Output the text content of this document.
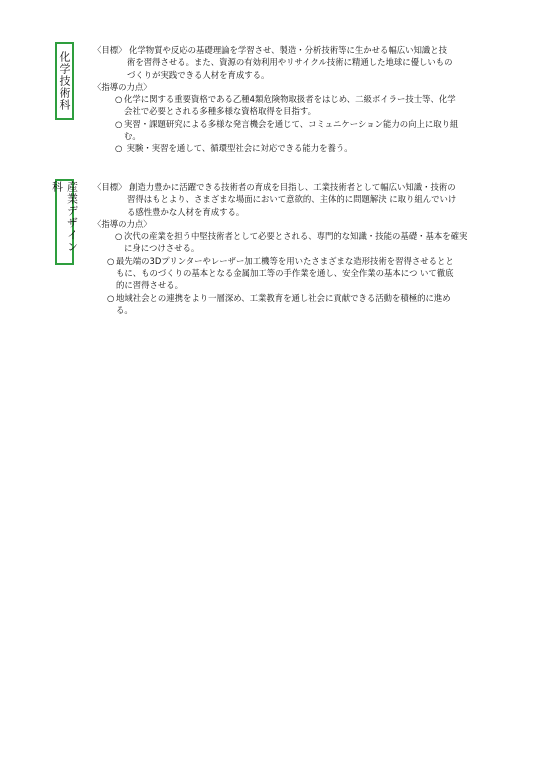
化学技術科
〈目標〉 化学物質や反応の基礎理論を学習させ、製造・分析技術等に生かせる幅広い知識と技
術を習得させる。また、資源の有効利用やリサイクル技術に精通した地球に優しいもの
づくりが実践できる人材を育成する。
〈指導の力点〉
○ 化学に関する重要資格である乙種4類危険物取扱者をはじめ、二級ボイラー技士等、化学
会社で必要とされる多種多様な資格取得を目指す。
○ 実習・課題研究による多様な発言機会を通じて、コミュニケーション能力の向上に取り組
む。
○ 実験・実習を通して、循環型社会に対応できる能力を養う。
産業デザイン科	〈目標〉 創造力豊かに活躍できる技術者の育成を目指し、工業技術者として幅広い知識・技術の
習得はもとより、さまざまな場面において意欲的、主体的に問題解決 に取り組んでいけ
る感性豊かな人材を育成する。
〈指導の力点〉
○ 次代の産業を担う中堅技術者として必要とされる、専門的な知識・技能の基礎・基本を確実
に身につけさせる。
○ 最先端の3Dプリンターやレーザー加工機等を用いたさまざまな造形技術を習得させるとと
もに、ものづくりの基本となる金属加工等の手作業を通し、安全作業の基本につ いて徹底
的に習得させる。
○ 地域社会との連携をより一層深め、工業教育を通し社会に貢献できる活動を積極的に進め
る。
